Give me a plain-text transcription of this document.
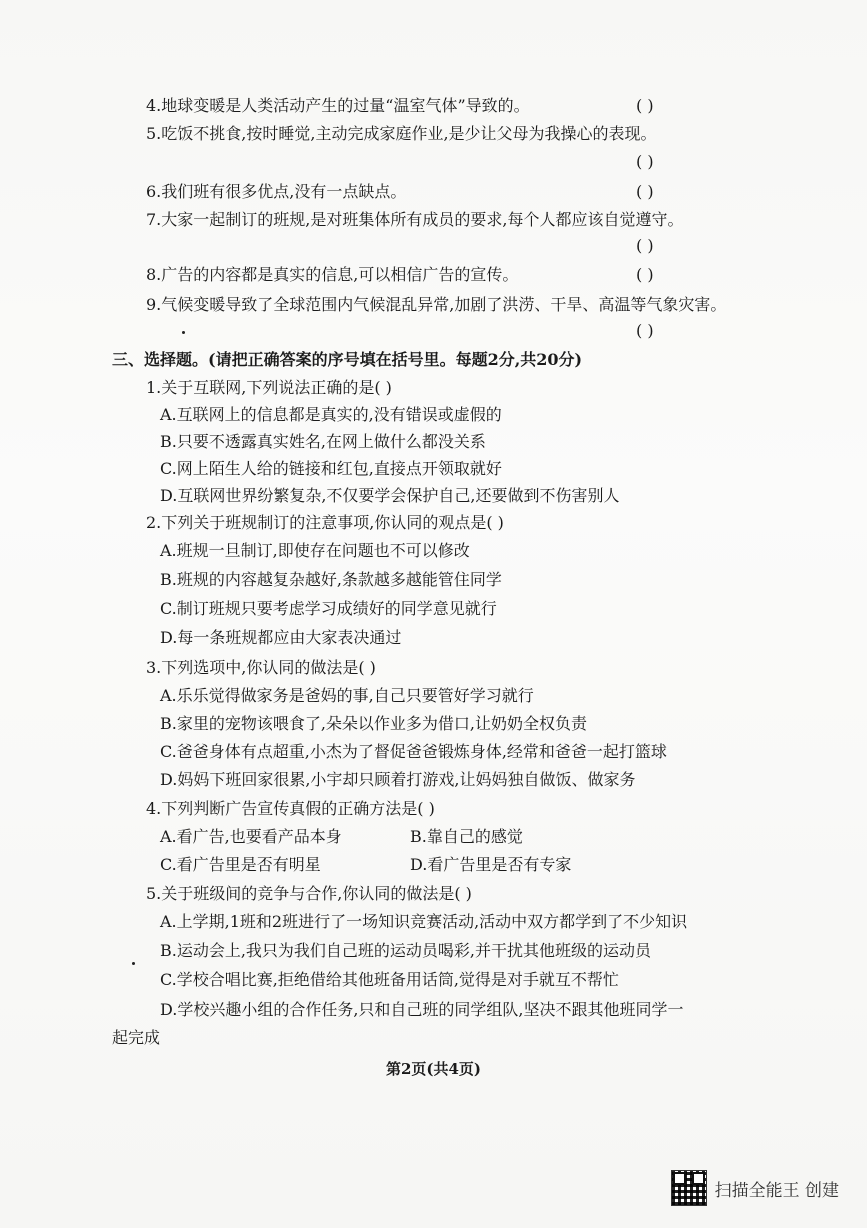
4.地球变暖是人类活动产生的过量“温室气体”导致的。	( )
5.吃饭不挑食,按时睡觉,主动完成家庭作业,是少让父母为我操心的表现。
( )
6.我们班有很多优点,没有一点缺点。	( )
7.大家一起制订的班规,是对班集体所有成员的要求,每个人都应该自觉遵守。
( )
8.广告的内容都是真实的信息,可以相信广告的宣传。	( )
9.气候变暖导致了全球范围内气候混乱异常,加剧了洪涝、干旱、高温等气象灾害。
( )
三、选择题。(请把正确答案的序号填在括号里。每题2分,共20分)
1.关于互联网,下列说法正确的是( )
A.互联网上的信息都是真实的,没有错误或虚假的
B.只要不透露真实姓名,在网上做什么都没关系
C.网上陌生人给的链接和红包,直接点开领取就好
D.互联网世界纷繁复杂,不仅要学会保护自己,还要做到不伤害别人
2.下列关于班规制订的注意事项,你认同的观点是( )
A.班规一旦制订,即使存在问题也不可以修改
B.班规的内容越复杂越好,条款越多越能管住同学
C.制订班规只要考虑学习成绩好的同学意见就行
D.每一条班规都应由大家表决通过
3.下列选项中,你认同的做法是( )
A.乐乐觉得做家务是爸妈的事,自己只要管好学习就行
B.家里的宠物该喂食了,朵朵以作业多为借口,让奶奶全权负责
C.爸爸身体有点超重,小杰为了督促爸爸锻炼身体,经常和爸爸一起打篮球
D.妈妈下班回家很累,小宇却只顾着打游戏,让妈妈独自做饭、做家务
4.下列判断广告宣传真假的正确方法是( )
A.看广告,也要看产品本身	B.靠自己的感觉
C.看广告里是否有明星	D.看广告里是否有专家
5.关于班级间的竞争与合作,你认同的做法是( )
A.上学期,1班和2班进行了一场知识竞赛活动,活动中双方都学到了不少知识
B.运动会上,我只为我们自己班的运动员喝彩,并干扰其他班级的运动员
C.学校合唱比赛,拒绝借给其他班备用话筒,觉得是对手就互不帮忙
D.学校兴趣小组的合作任务,只和自己班的同学组队,坚决不跟其他班同学一
起完成
第2页(共4页)
扫描全能王 创建
